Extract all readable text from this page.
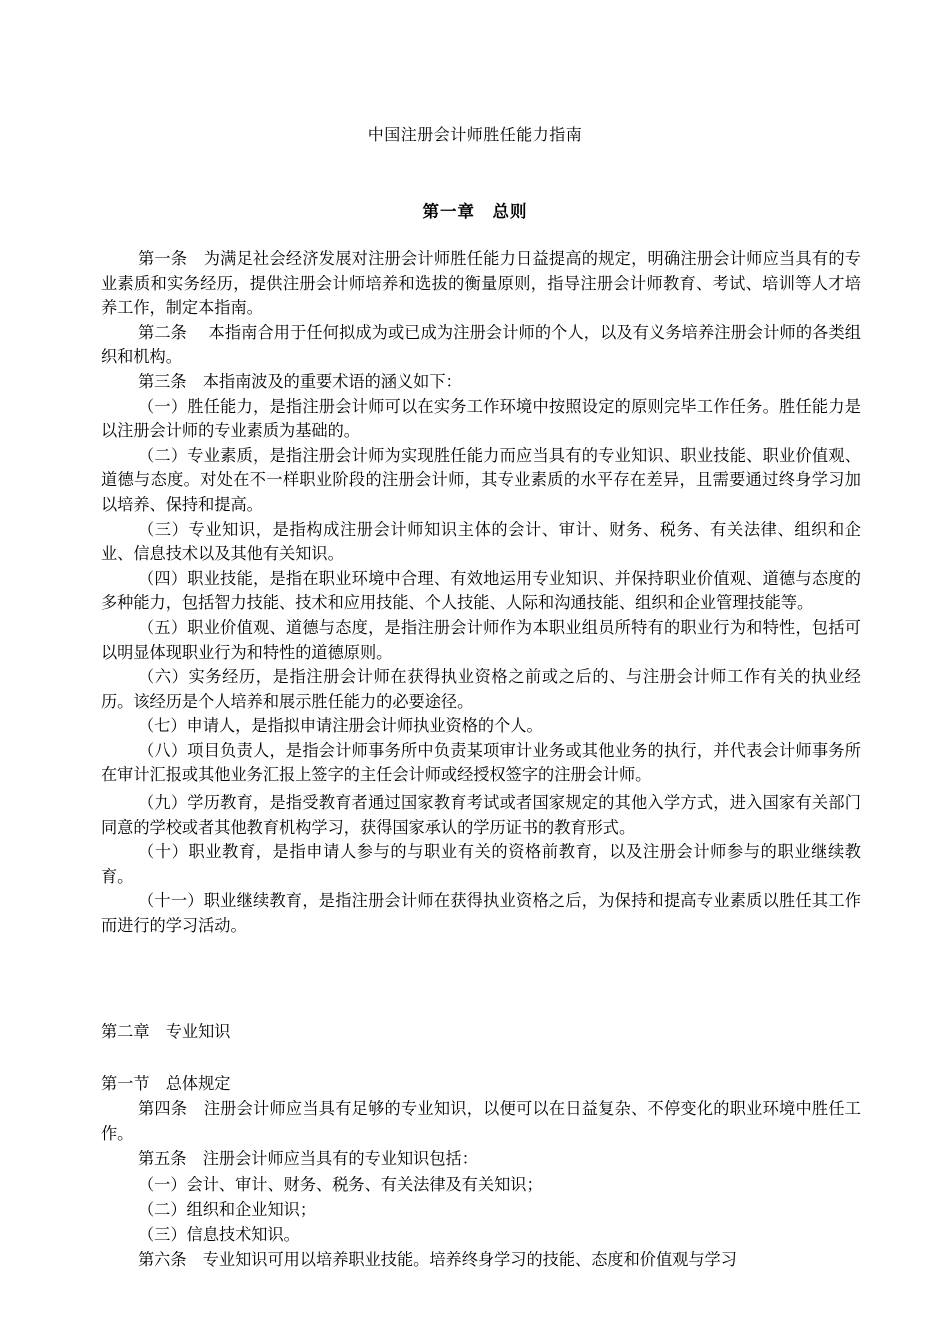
中国注册会计师胜任能力指南
第一章　总则

第一条　为满足社会经济发展对注册会计师胜任能力日益提高的规定，明确注册会计师应当具有的专业素质和实务经历，提供注册会计师培养和选拔的衡量原则，指导注册会计师教育、考试、培训等人才培养工作，制定本指南。

第二条　 本指南合用于任何拟成为或已成为注册会计师的个人，以及有义务培养注册会计师的各类组织和机构。

第三条　本指南波及的重要术语的涵义如下：

（一）胜任能力，是指注册会计师可以在实务工作环境中按照设定的原则完毕工作任务。胜任能力是以注册会计师的专业素质为基础的。

（二）专业素质，是指注册会计师为实现胜任能力而应当具有的专业知识、职业技能、职业价值观、道德与态度。对处在不一样职业阶段的注册会计师，其专业素质的水平存在差异，且需要通过终身学习加以培养、保持和提高。

（三）专业知识，是指构成注册会计师知识主体的会计、审计、财务、税务、有关法律、组织和企业、信息技术以及其他有关知识。

（四）职业技能，是指在职业环境中合理、有效地运用专业知识、并保持职业价值观、道德与态度的多种能力，包括智力技能、技术和应用技能、个人技能、人际和沟通技能、组织和企业管理技能等。

（五）职业价值观、道德与态度，是指注册会计师作为本职业组员所特有的职业行为和特性，包括可以明显体现职业行为和特性的道德原则。

（六）实务经历，是指注册会计师在获得执业资格之前或之后的、与注册会计师工作有关的执业经历。该经历是个人培养和展示胜任能力的必要途径。

（七）申请人，是指拟申请注册会计师执业资格的个人。

（八）项目负责人，是指会计师事务所中负责某项审计业务或其他业务的执行，并代表会计师事务所在审计汇报或其他业务汇报上签字的主任会计师或经授权签字的注册会计师。

（九）学历教育，是指受教育者通过国家教育考试或者国家规定的其他入学方式，进入国家有关部门同意的学校或者其他教育机构学习，获得国家承认的学历证书的教育形式。

（十）职业教育，是指申请人参与的与职业有关的资格前教育，以及注册会计师参与的职业继续教育。

（十一）职业继续教育，是指注册会计师在获得执业资格之后，为保持和提高专业素质以胜任其工作而进行的学习活动。

第二章　专业知识
第一节　总体规定

第四条　注册会计师应当具有足够的专业知识，以便可以在日益复杂、不停变化的职业环境中胜任工作。

第五条　注册会计师应当具有的专业知识包括：

（一）会计、审计、财务、税务、有关法律及有关知识；

（二）组织和企业知识；

（三）信息技术知识。

第六条　专业知识可用以培养职业技能。培养终身学习的技能、态度和价值观与学习
